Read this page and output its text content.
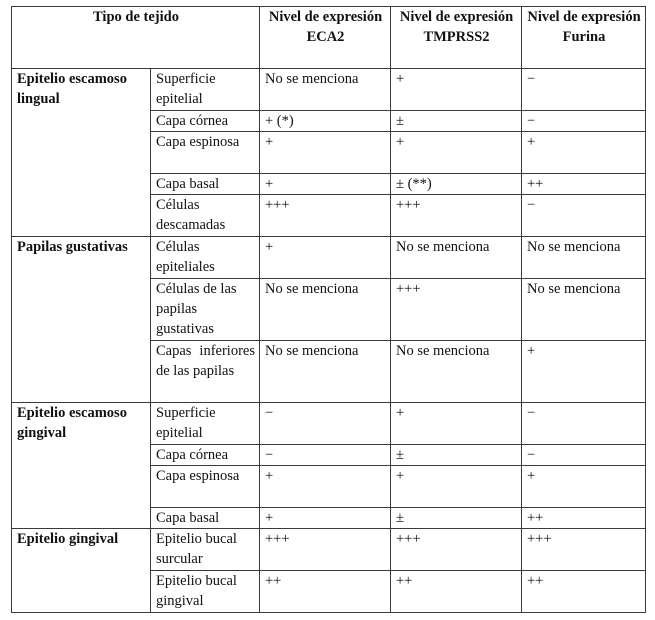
Tipo de tejido		Nivel de expresión ECA2	Nivel de expresión TMPRSS2	Nivel de expresión Furina
Epitelio escamoso lingual	Superficie epitelial	No se menciona	+	−
	Capa córnea	+ (*)	±	−
	Capa espinosa	+	+	+
	Capa basal	+	± (**)	++
	Células descamadas	+++	+++	−
Papilas gustativas	Células epiteliales	+	No se menciona	No se menciona
	Células de las papilas gustativas	No se menciona	+++	No se menciona
	Capas inferiores de las papilas	No se menciona	No se menciona	+
Epitelio escamoso gingival	Superficie epitelial	−	+	−
	Capa córnea	−	±	−
	Capa espinosa	+	+	+
	Capa basal	+	±	++
Epitelio gingival	Epitelio bucal surcular	+++	+++	+++
	Epitelio bucal gingival	++	++	++
